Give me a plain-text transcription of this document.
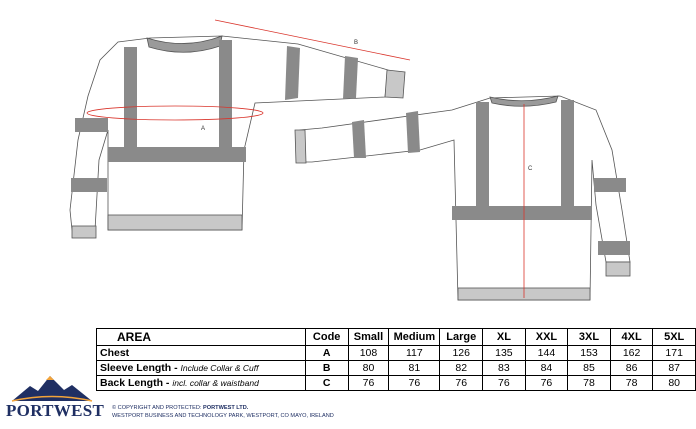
A
B
C
AREA	Code	Small	Medium	Large	XL	XXL	3XL	4XL	5XL
Chest	A	108	117	126	135	144	153	162	171
Sleeve Length - Include Collar & Cuff	B	80	81	82	83	84	85	86	87
Back Length - incl. collar & waistband	C	76	76	76	76	76	78	78	80
PORTWEST © COPYRIGHT AND PROTECTED: PORTWEST LTD.
WESTPORT BUSINESS AND TECHNOLOGY PARK, WESTPORT, CO MAYO, IRELAND
